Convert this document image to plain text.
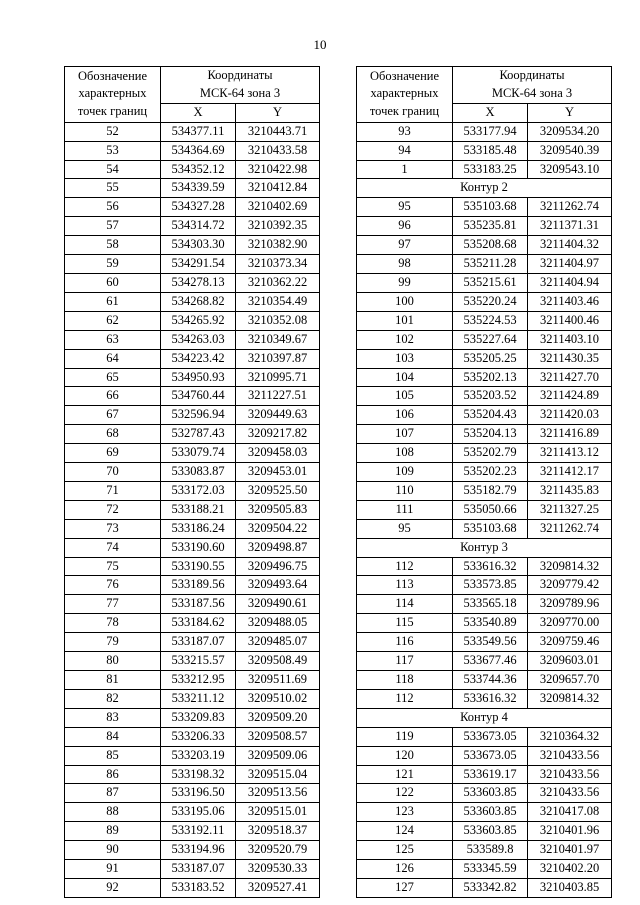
10
Обозначение
характерных
точек границ	Координаты
МСК-64 зона 3	
	X	Y
52	534377.11	3210443.71
53	534364.69	3210433.58
54	534352.12	3210422.98
55	534339.59	3210412.84
56	534327.28	3210402.69
57	534314.72	3210392.35
58	534303.30	3210382.90
59	534291.54	3210373.34
60	534278.13	3210362.22
61	534268.82	3210354.49
62	534265.92	3210352.08
63	534263.03	3210349.67
64	534223.42	3210397.87
65	534950.93	3210995.71
66	534760.44	3211227.51
67	532596.94	3209449.63
68	532787.43	3209217.82
69	533079.74	3209458.03
70	533083.87	3209453.01
71	533172.03	3209525.50
72	533188.21	3209505.83
73	533186.24	3209504.22
74	533190.60	3209498.87
75	533190.55	3209496.75
76	533189.56	3209493.64
77	533187.56	3209490.61
78	533184.62	3209488.05
79	533187.07	3209485.07
80	533215.57	3209508.49
81	533212.95	3209511.69
82	533211.12	3209510.02
83	533209.83	3209509.20
84	533206.33	3209508.57
85	533203.19	3209509.06
86	533198.32	3209515.04
87	533196.50	3209513.56
88	533195.06	3209515.01
89	533192.11	3209518.37
90	533194.96	3209520.79
91	533187.07	3209530.33
92	533183.52	3209527.41
Обозначение
характерных
точек границ	Координаты
МСК-64 зона 3	
	X	Y
93	533177.94	3209534.20
94	533185.48	3209540.39
1	533183.25	3209543.10
Контур 2		
95	535103.68	3211262.74
96	535235.81	3211371.31
97	535208.68	3211404.32
98	535211.28	3211404.97
99	535215.61	3211404.94
100	535220.24	3211403.46
101	535224.53	3211400.46
102	535227.64	3211403.10
103	535205.25	3211430.35
104	535202.13	3211427.70
105	535203.52	3211424.89
106	535204.43	3211420.03
107	535204.13	3211416.89
108	535202.79	3211413.12
109	535202.23	3211412.17
110	535182.79	3211435.83
111	535050.66	3211327.25
95	535103.68	3211262.74
Контур 3		
112	533616.32	3209814.32
113	533573.85	3209779.42
114	533565.18	3209789.96
115	533540.89	3209770.00
116	533549.56	3209759.46
117	533677.46	3209603.01
118	533744.36	3209657.70
112	533616.32	3209814.32
Контур 4		
119	533673.05	3210364.32
120	533673.05	3210433.56
121	533619.17	3210433.56
122	533603.85	3210433.56
123	533603.85	3210417.08
124	533603.85	3210401.96
125	533589.8	3210401.97
126	533345.59	3210402.20
127	533342.82	3210403.85
